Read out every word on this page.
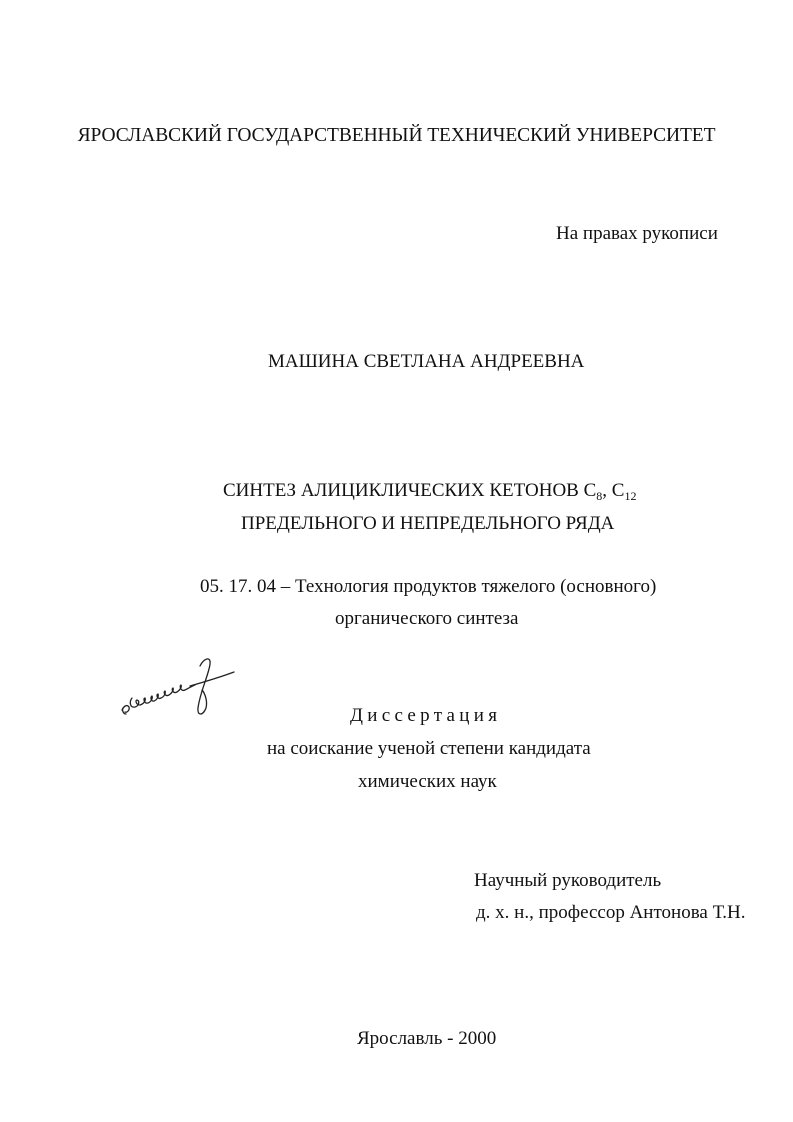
ЯРОСЛАВСКИЙ ГОСУДАРСТВЕННЫЙ ТЕХНИЧЕСКИЙ УНИВЕРСИТЕТ
На правах рукописи
МАШИНА СВЕТЛАНА АНДРЕЕВНА
СИНТЕЗ АЛИЦИКЛИЧЕСКИХ КЕТОНОВ $С_8$, $С_{12}$
ПРЕДЕЛЬНОГО И НЕПРЕДЕЛЬНОГО РЯДА
05. 17. 04 – Технология продуктов тяжелого (основного)
органического синтеза
Диссертация
на соискание ученой степени кандидата
химических наук
Научный руководитель
д. х. н., профессор Антонова Т.Н.
Ярославль - 2000
